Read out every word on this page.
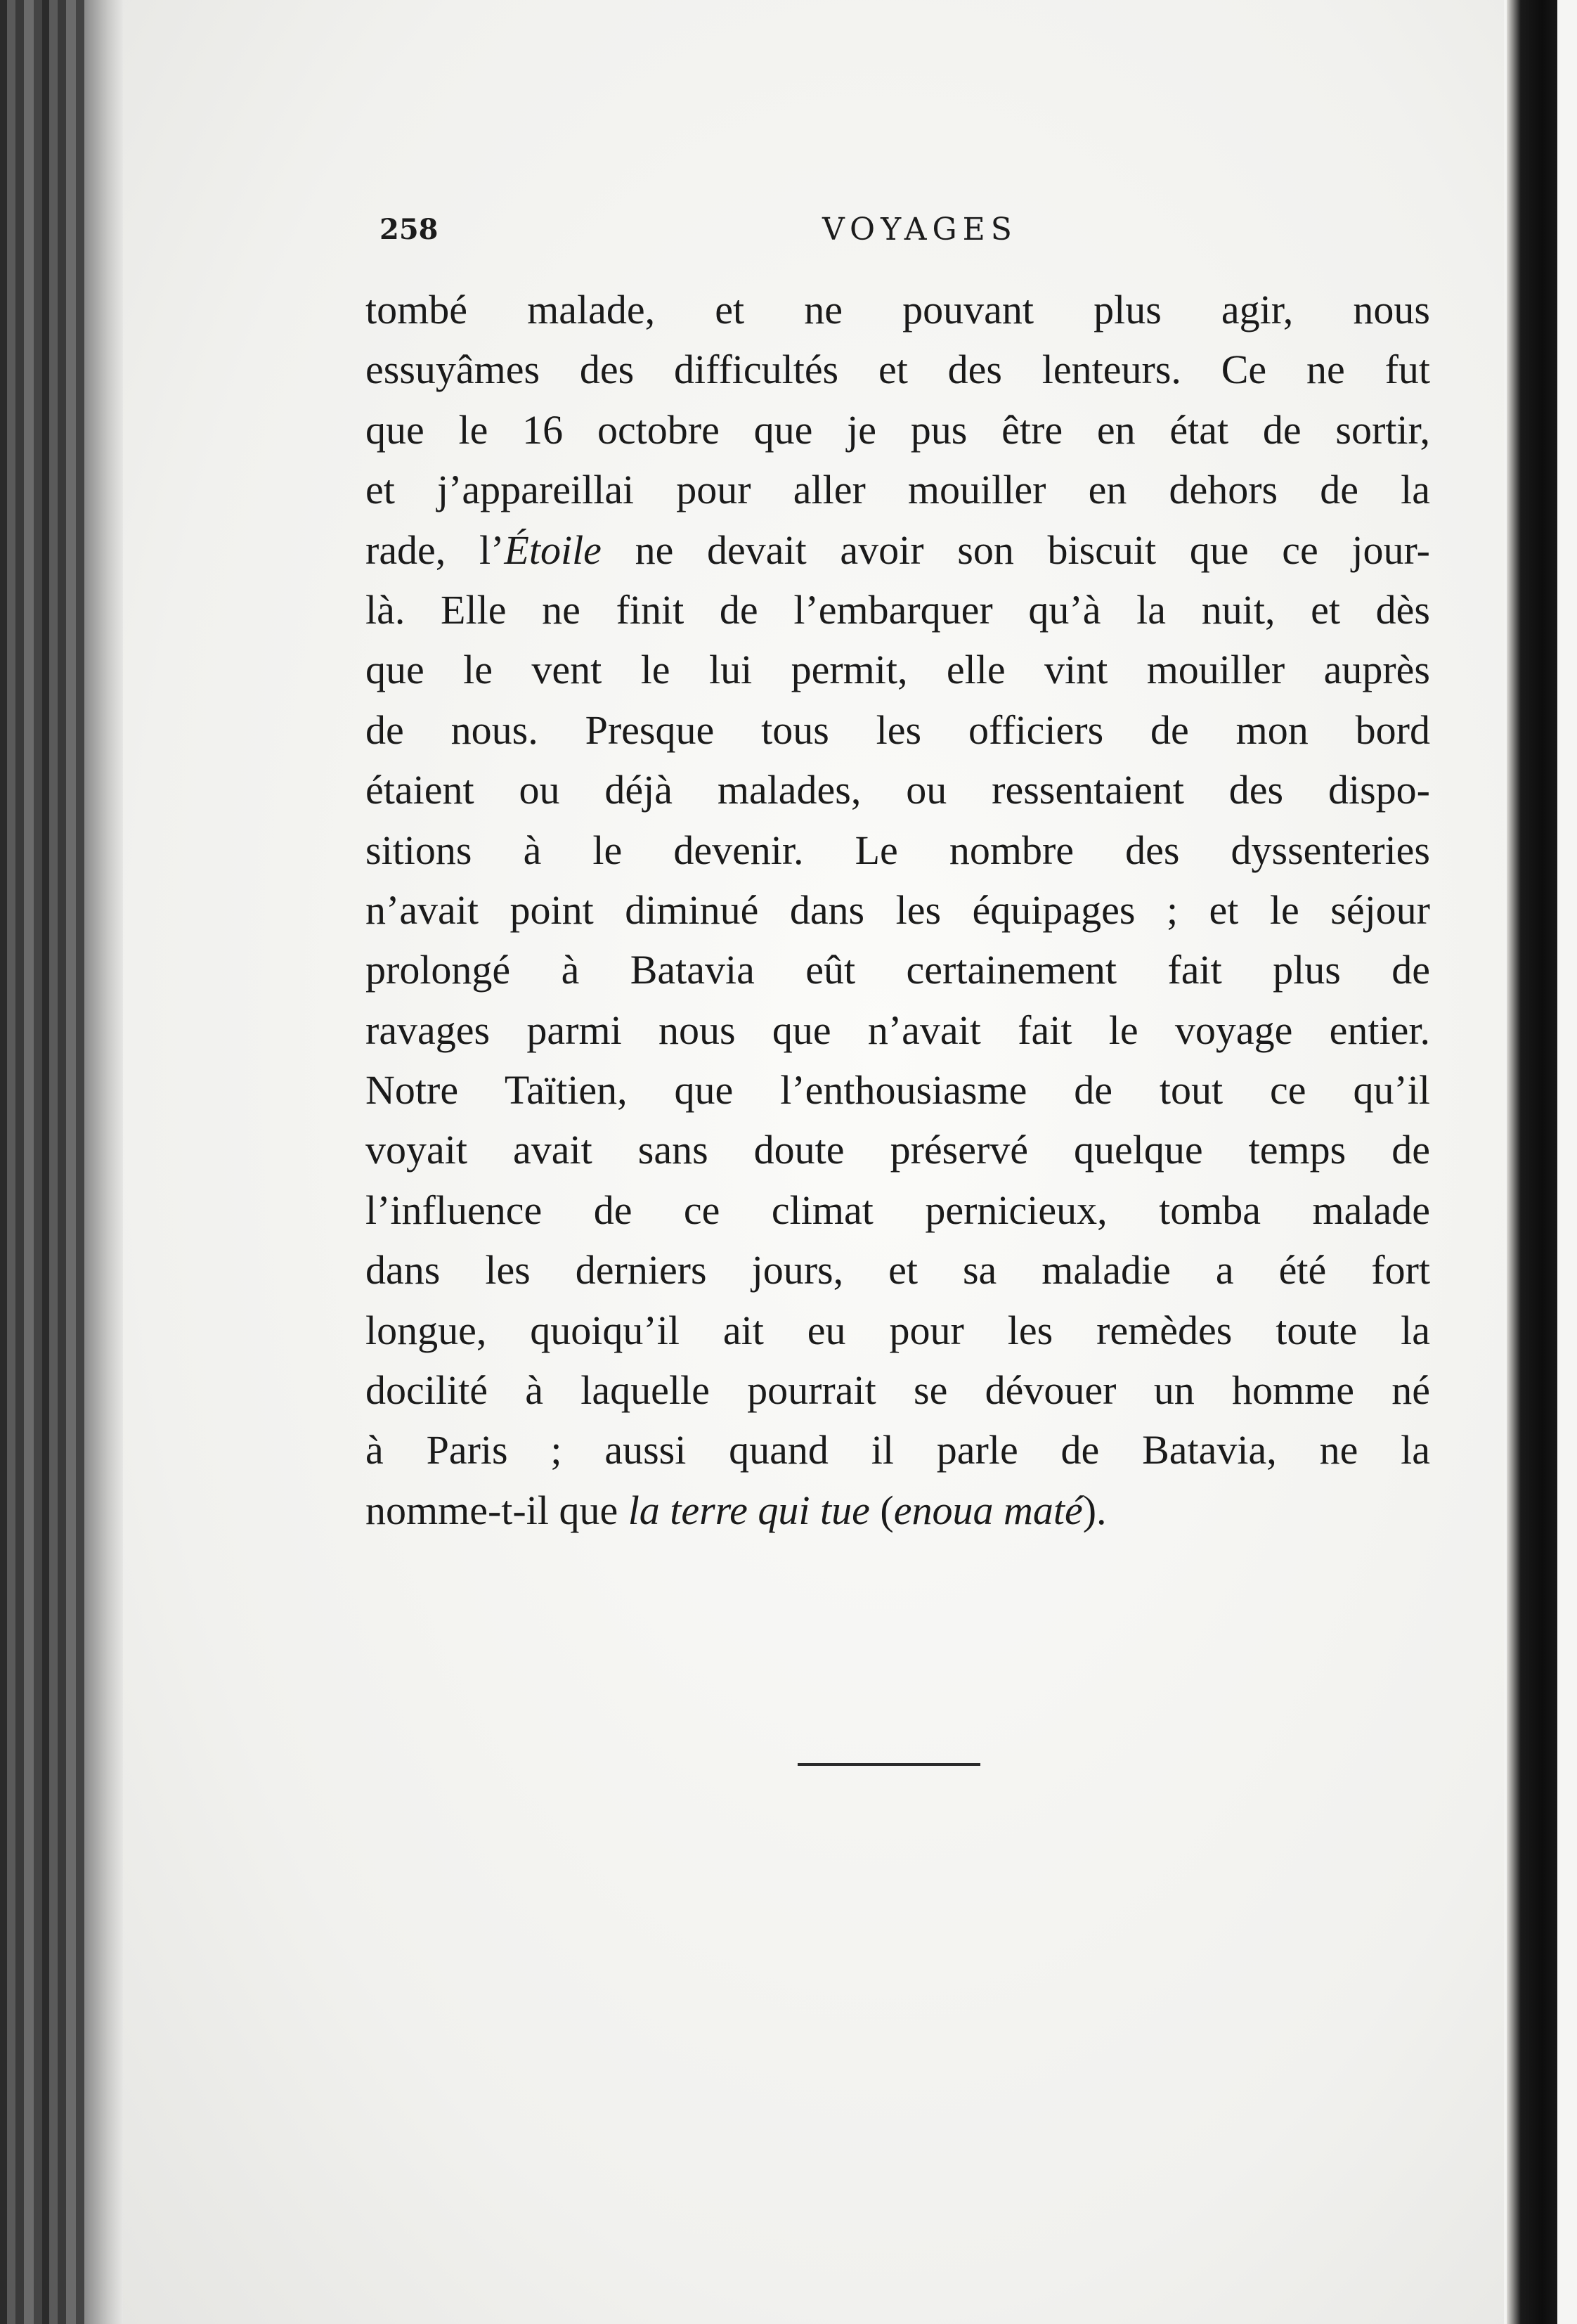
258	VOYAGES
tombé malade, et ne pouvant plus agir, nous
essuyâmes des difficultés et des lenteurs. Ce ne fut
que le 16 octobre que je pus être en état de sortir,
et j’appareillai pour aller mouiller en dehors de la
rade, l’Étoile ne devait avoir son biscuit que ce jour-
là. Elle ne finit de l’embarquer qu’à la nuit, et dès
que le vent le lui permit, elle vint mouiller auprès
de nous. Presque tous les officiers de mon bord
étaient ou déjà malades, ou ressentaient des dispo-
sitions à le devenir. Le nombre des dyssenteries
n’avait point diminué dans les équipages ; et le séjour
prolongé à Batavia eût certainement fait plus de
ravages parmi nous que n’avait fait le voyage entier.
Notre Taïtien, que l’enthousiasme de tout ce qu’il
voyait avait sans doute préservé quelque temps de
l’influence de ce climat pernicieux, tomba malade
dans les derniers jours, et sa maladie a été fort
longue, quoiqu’il ait eu pour les remèdes toute la
docilité à laquelle pourrait se dévouer un homme né
à Paris ; aussi quand il parle de Batavia, ne la
nomme-t-il que la terre qui tue (enoua maté).
